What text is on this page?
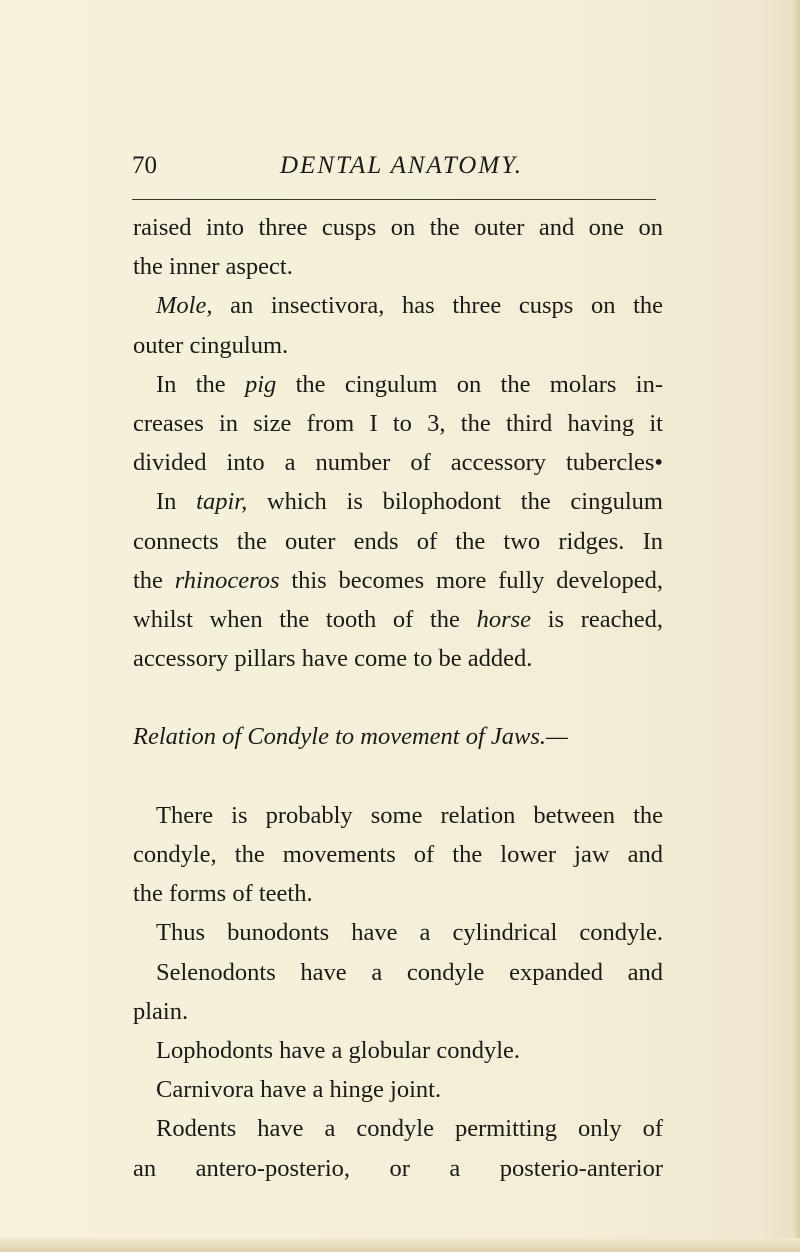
70	DENTAL ANATOMY.
raised into three cusps on the outer and one on
the inner aspect.
Mole, an insectivora, has three cusps on the
outer cingulum.
In the pig the cingulum on the molars in-
creases in size from I to 3, the third having it
divided into a number of accessory tubercles•
In tapir, which is bilophodont the cingulum
connects the outer ends of the two ridges. In
the rhinoceros this becomes more fully developed,
whilst when the tooth of the horse is reached,
accessory pillars have come to be added.
Relation of Condyle to movement of Jaws.—
There is probably some relation between the
condyle, the movements of the lower jaw and
the forms of teeth.
Thus bunodonts have a cylindrical condyle.
Selenodonts have a condyle expanded and
plain.
Lophodonts have a globular condyle.
Carnivora have a hinge joint.
Rodents have a condyle permitting only of
an antero-posterio, or a posterio-anterior
